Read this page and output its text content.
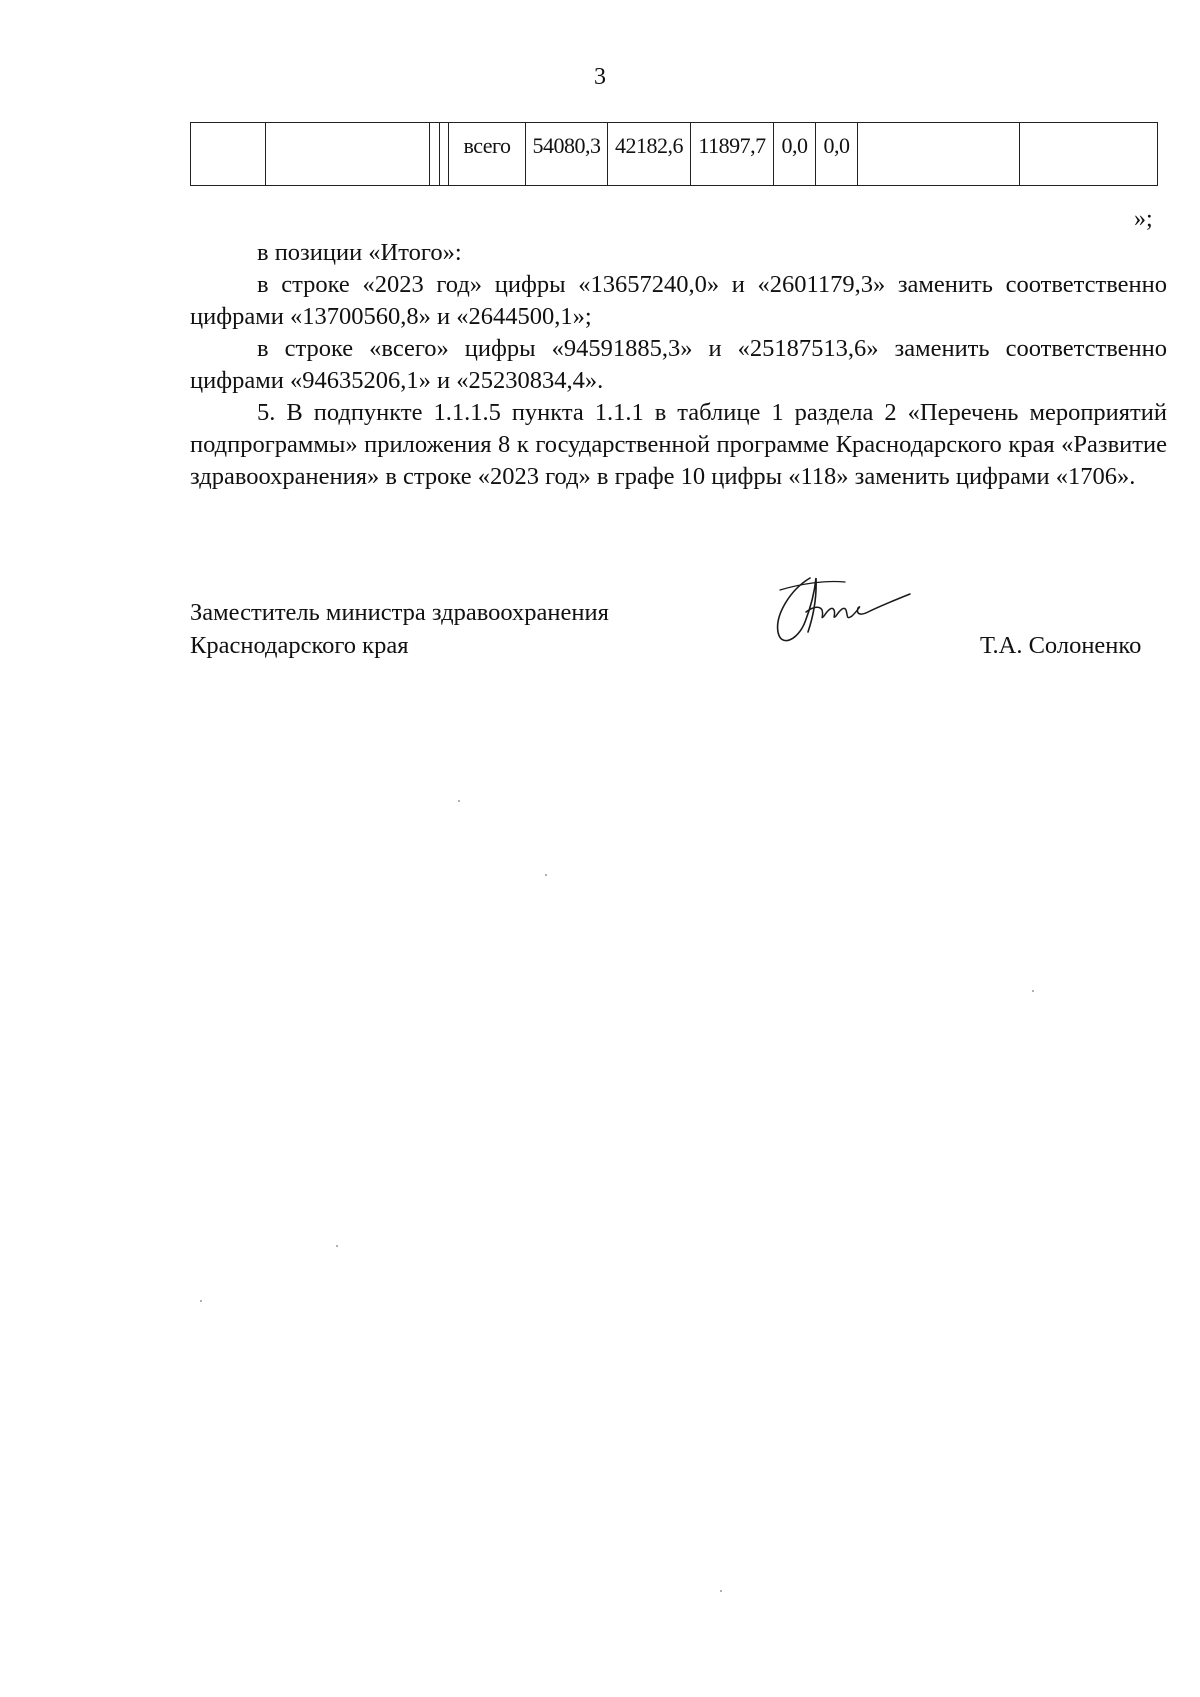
3
всего 54080,3 42182,6 11897,7 0,0 0,0
»;
в позиции «Итого»:
в строке «2023 год» цифры «13657240,0» и «2601179,3» заменить соответственно цифрами «13700560,8» и «2644500,1»;
в строке «всего» цифры «94591885,3» и «25187513,6» заменить соответственно цифрами «94635206,1» и «25230834,4».
5. В подпункте 1.1.1.5 пункта 1.1.1 в таблице 1 раздела 2 «Перечень мероприятий подпрограммы» приложения 8 к государственной программе Краснодарского края «Развитие здравоохранения» в строке «2023 год» в графе 10 цифры «118» заменить цифрами «1706».
Заместитель министра здравоохранения
Краснодарского края	Т.А. Солоненко
